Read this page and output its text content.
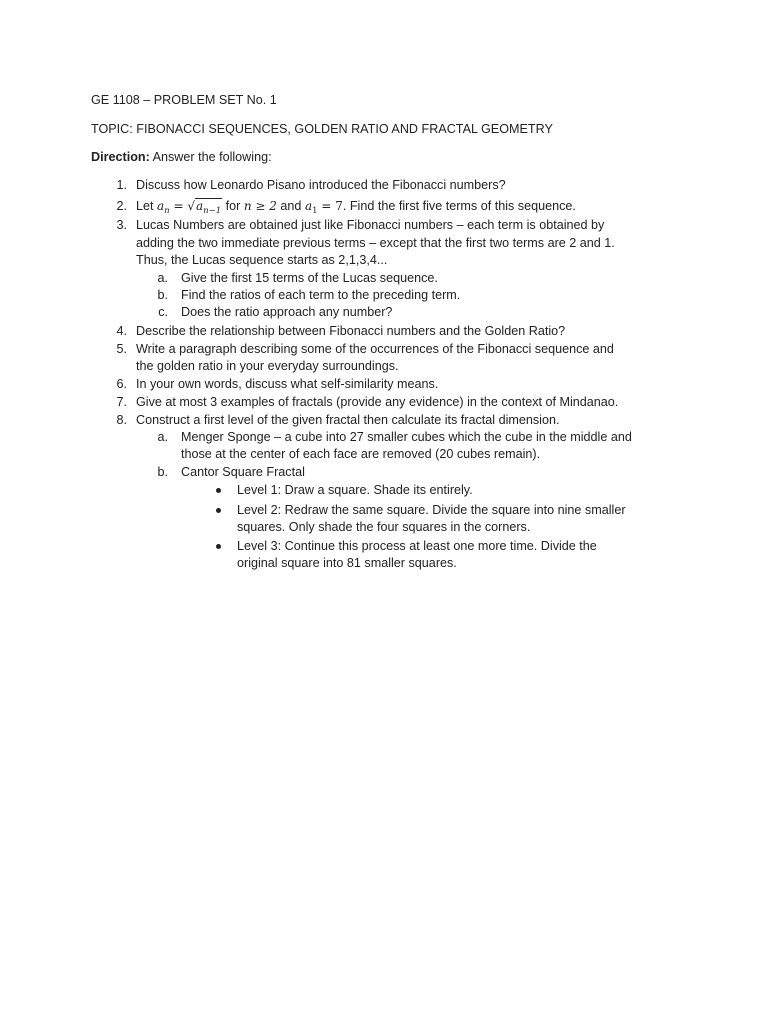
GE 1108 – PROBLEM SET No. 1
TOPIC: FIBONACCI SEQUENCES, GOLDEN RATIO AND FRACTAL GEOMETRY
Direction: Answer the following:
1. Discuss how Leonardo Pisano introduced the Fibonacci numbers?
2. Let $a_n = √a_{n-1}$ for n ≥ 2 and $a_1 = 7$. Find the first five terms of this sequence.
3. Lucas Numbers are obtained just like Fibonacci numbers – each term is obtained by
adding the two immediate previous terms – except that the first two terms are 2 and 1.
Thus, the Lucas sequence starts as 2,1,3,4...
a. Give the first 15 terms of the Lucas sequence.
b. Find the ratios of each term to the preceding term.
c. Does the ratio approach any number?
4. Describe the relationship between Fibonacci numbers and the Golden Ratio?
5. Write a paragraph describing some of the occurrences of the Fibonacci sequence and
the golden ratio in your everyday surroundings.
6. In your own words, discuss what self-similarity means.
7. Give at most 3 examples of fractals (provide any evidence) in the context of Mindanao.
8. Construct a first level of the given fractal then calculate its fractal dimension.
a. Menger Sponge – a cube into 27 smaller cubes which the cube in the middle and
those at the center of each face are removed (20 cubes remain).
b. Cantor Square Fractal
Level 1: Draw a square. Shade its entirely.
Level 2: Redraw the same square. Divide the square into nine smaller
squares. Only shade the four squares in the corners.
Level 3: Continue this process at least one more time. Divide the
original square into 81 smaller squares.
